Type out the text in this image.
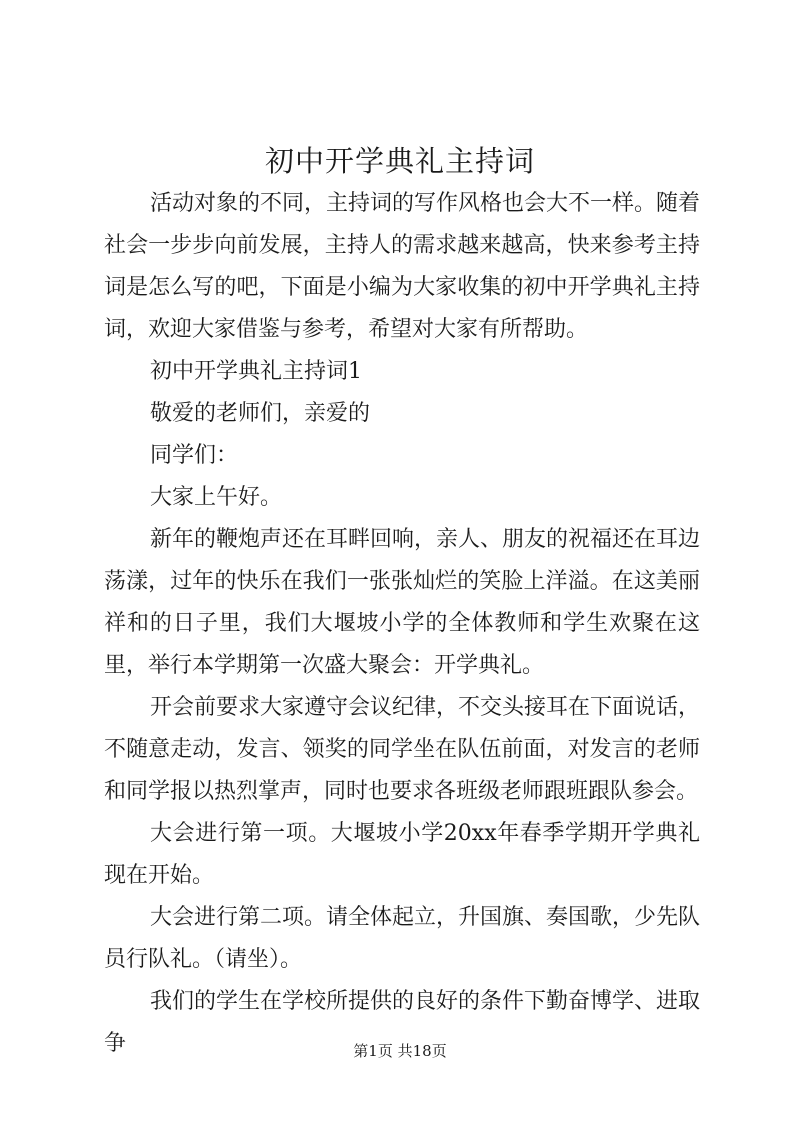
初中开学典礼主持词

活动对象的不同，主持词的写作风格也会大不一样。随着社会一步步向前发展，主持人的需求越来越高，快来参考主持词是怎么写的吧，下面是小编为大家收集的初中开学典礼主持词，欢迎大家借鉴与参考，希望对大家有所帮助。

初中开学典礼主持词1

敬爱的老师们，亲爱的

同学们：

大家上午好。

新年的鞭炮声还在耳畔回响，亲人、朋友的祝福还在耳边荡漾，过年的快乐在我们一张张灿烂的笑脸上洋溢。在这美丽祥和的日子里，我们大堰坡小学的全体教师和学生欢聚在这里，举行本学期第一次盛大聚会：开学典礼。

开会前要求大家遵守会议纪律，不交头接耳在下面说话，不随意走动，发言、领奖的同学坐在队伍前面，对发言的老师和同学报以热烈掌声，同时也要求各班级老师跟班跟队参会。

大会进行第一项。大堰坡小学20xx年春季学期开学典礼现在开始。

大会进行第二项。请全体起立，升国旗、奏国歌，少先队员行队礼。（请坐）。

我们的学生在学校所提供的良好的条件下勤奋博学、进取争	第1页 共18页
